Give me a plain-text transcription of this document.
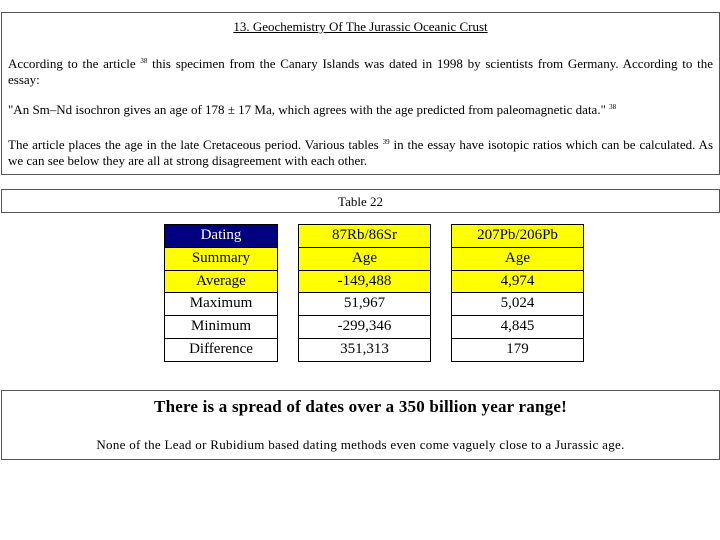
13. Geochemistry Of The Jurassic Oceanic Crust
According to the article $^{38}$ this specimen from the Canary Islands was dated in 1998 by scientists from Germany. According to the essay:
"An Sm–Nd isochron gives an age of 178 ± 17 Ma, which agrees with the age predicted from paleomagnetic data." $^{38}$
The article places the age in the late Cretaceous period. Various tables $^{39}$ in the essay have isotopic ratios which can be calculated. As we can see below they are all at strong disagreement with each other.
Table 22
Dating		87Rb/86Sr		207Pb/206Pb
Summary		Age		Age
Average		-149,488		4,974
Maximum		51,967		5,024
Minimum		-299,346		4,845
Difference		351,313		179
There is a spread of dates over a 350 billion year range!
None of the Lead or Rubidium based dating methods even come vaguely close to a Jurassic age.
